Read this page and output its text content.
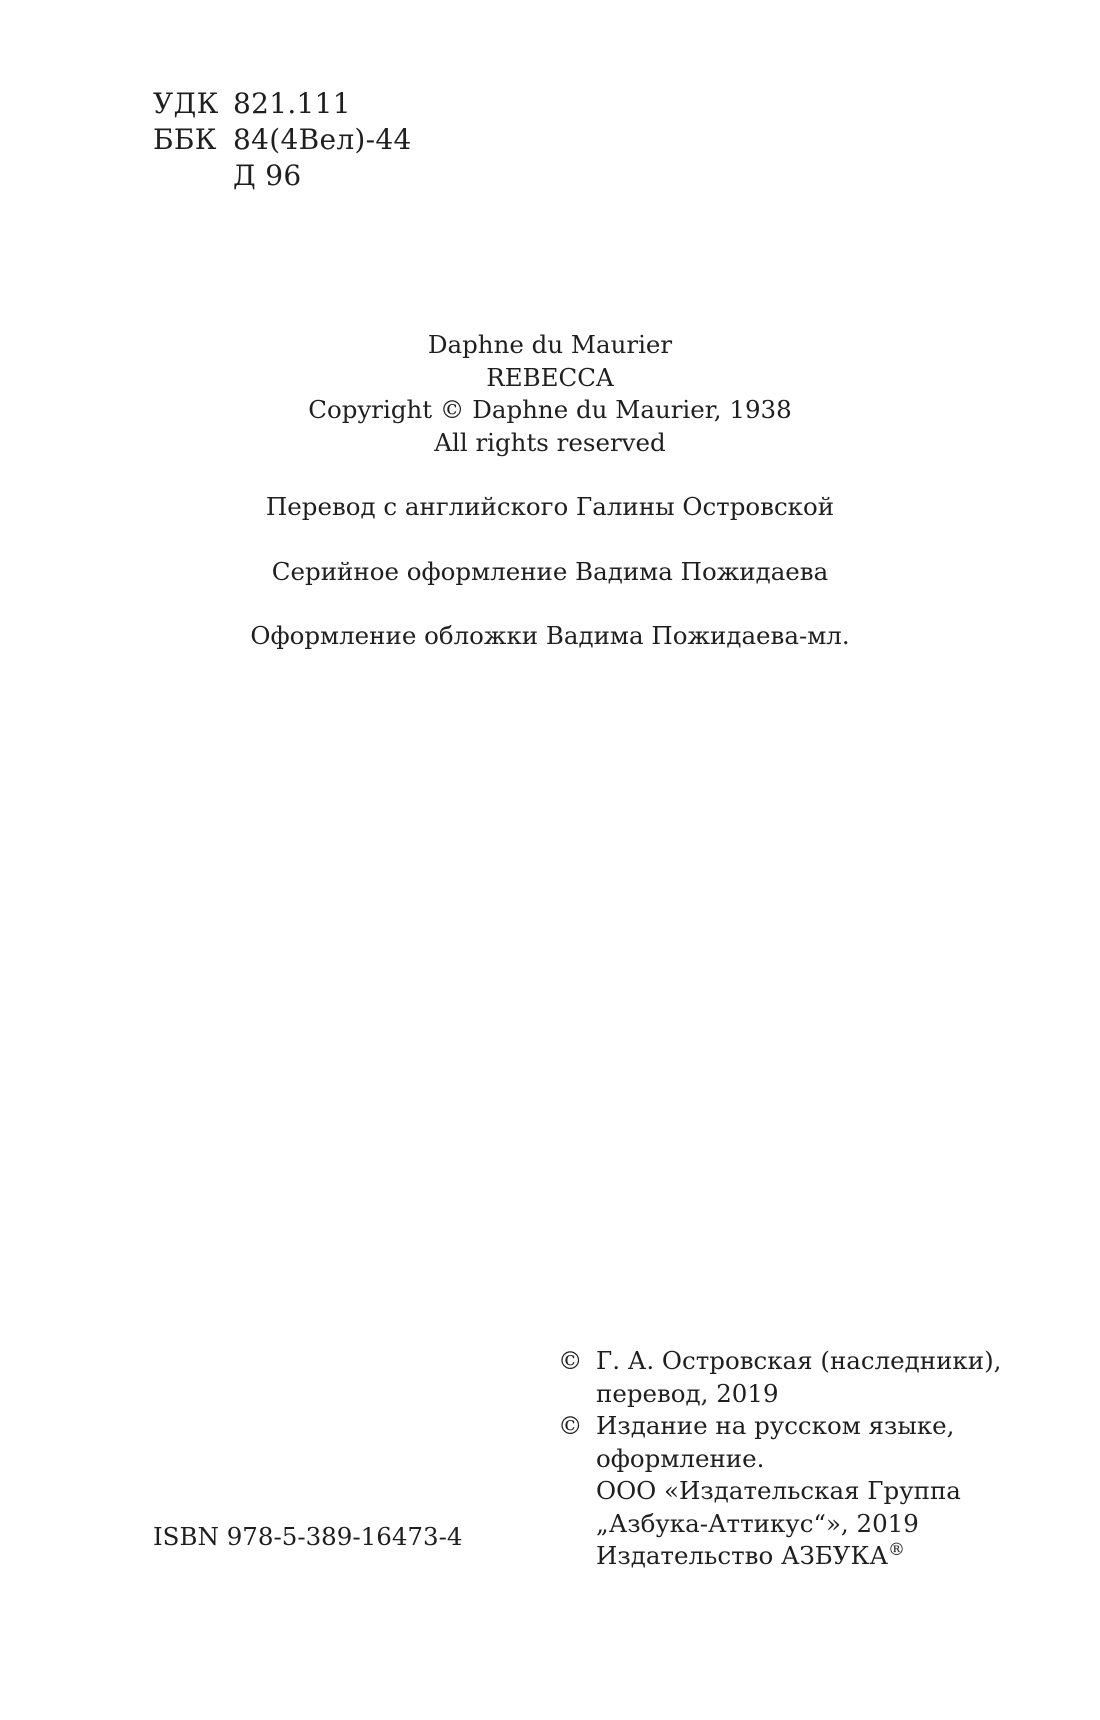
УДК 821.111
ББК 84(4Вел)-44
Д 96
Daphne du Maurier
REBECCA
Copyright © Daphne du Maurier, 1938
All rights reserved
Перевод с английского Галины Островской
Серийное оформление Вадима Пожидаева
Оформление обложки Вадима Пожидаева-мл.
© Г. А. Островская (наследники),
перевод, 2019
© Издание на русском языке,
оформление.
ООО «Издательская Группа
„Азбука-Аттикус“», 2019
Издательство АЗБУКА®
ISBN 978-5-389-16473-4
